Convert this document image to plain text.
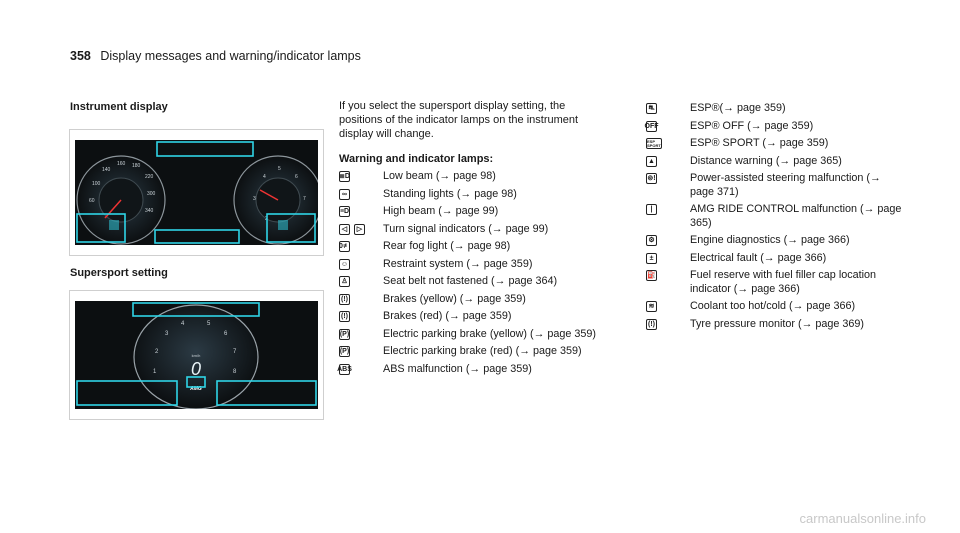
358 Display messages and warning/indicator lamps
Instrument display
60
100
140
160 180
220
300
340
2
3
4
5
6
7
Supersport setting
1
2
3
4	5
6
7
8
km/h
0
AMG
If you select the supersport display setting, the positions of the indicator lamps on the instrument display will change.
Warning and indicator lamps:
≣D	Low beam (→ page 98)
∞	Standing lights (→ page 98)
≡D	High beam (→ page 99)
◁	▷ Turn signal indicators (→ page 99)
0≢	Rear fog light (→ page 98)
☺	Restraint system (→ page 359)
♙	Seat belt not fastened (→ page 364)
(!)	Brakes (yellow) (→ page 359)
(!)	Brakes (red) (→ page 359)
(P)	Electric parking brake (yellow) (→ page 359)
(P)	Electric parking brake (red) (→ page 359)
ABS	ABS malfunction (→ page 359)
⛐	ESP®(→ page 359)
OFF	ESP® OFF (→ page 359)
ESP SPORT	ESP® SPORT (→ page 359)
▲	Distance warning (→ page 365)
⊚!	Power-assisted steering malfunction (→ page 371)
|	AMG RIDE CONTROL malfunction (→ page 365)
⚙	Engine diagnostics (→ page 366)
±	Electrical fault (→ page 366)
⛽	Fuel reserve with fuel filler cap location indicator (→ page 366)
≋	Coolant too hot/cold (→ page 366)
(!)	Tyre pressure monitor (→ page 369)
carmanualsonline.info
